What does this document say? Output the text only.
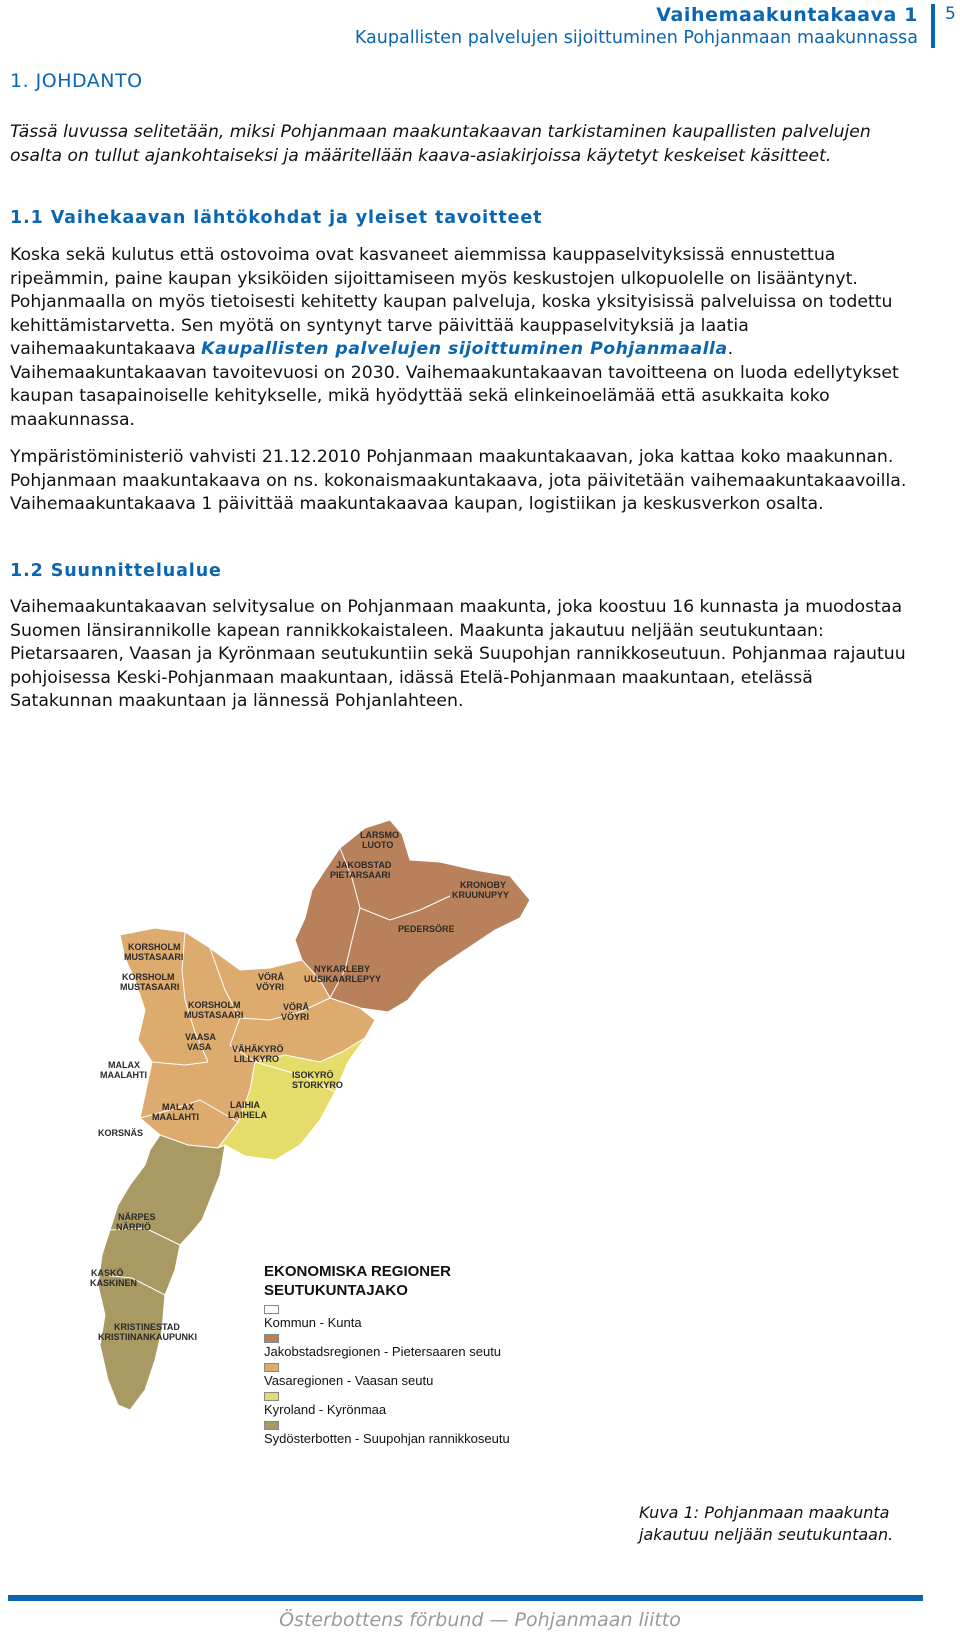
Vaihemaakuntakaava 1
Kaupallisten palvelujen sijoittuminen Pohjanmaan maakunnassa
5
1. JOHDANTO
Tässä luvussa selitetään, miksi Pohjanmaan maakuntakaavan tarkistaminen kaupallisten palvelujen osalta on tullut ajankohtaiseksi ja määritellään kaava-asiakirjoissa käytetyt keskeiset käsitteet.
1.1 Vaihekaavan lähtökohdat ja yleiset tavoitteet

Koska sekä kulutus että ostovoima ovat kasvaneet aiemmissa kauppaselvityksissä ennustettua ripeämmin, paine kaupan yksiköiden sijoittamiseen myös keskustojen ulkopuolelle on lisääntynyt. Pohjanmaalla on myös tietoisesti kehitetty kaupan palveluja, koska yksityisissä palveluissa on todettu kehittämistarvetta. Sen myötä on syntynyt tarve päivittää kauppaselvityksiä ja laatia vaihemaakuntakaava Kaupallisten palvelujen sijoittuminen Pohjanmaalla. Vaihemaakuntakaavan tavoitevuosi on 2030. Vaihemaakuntakaavan tavoitteena on luoda edellytykset kaupan tasapainoiselle kehitykselle, mikä hyödyttää sekä elinkeinoelämää että asukkaita koko maakunnassa.

Ympäristöministeriö vahvisti 21.12.2010 Pohjanmaan maakuntakaavan, joka kattaa koko maakunnan. Pohjanmaan maakuntakaava on ns. kokonaismaakuntakaava, jota päivitetään vaihemaakuntakaavoilla. Vaihemaakuntakaava 1 päivittää maakuntakaavaa kaupan, logistiikan ja keskusverkon osalta.
1.2 Suunnittelualue
Vaihemaakuntakaavan selvitysalue on Pohjanmaan maakunta, joka koostuu 16 kunnasta ja muodostaa Suomen länsirannikolle kapean rannikkokaistaleen. Maakunta jakautuu neljään seutukuntaan: Pietarsaaren, Vaasan ja Kyrönmaan seutukuntiin sekä Suupohjan rannikkoseutuun. Pohjanmaa rajautuu pohjoisessa Keski-Pohjanmaan maakuntaan, idässä Etelä-Pohjanmaan maakuntaan, etelässä Satakunnan maakuntaan ja lännessä Pohjanlahteen.
LARSMO LUOTO
JAKOBSTAD PIETARSAARI
KRONOBY KRUUNUPYY
PEDERSÖRE
NYKARLEBY UUSIKAARLEPYY
KORSHOLM MUSTASAARI
KORSHOLM MUSTASAARI
VÖRÅ VÖYRI
KORSHOLM MUSTASAARI
VÖRÅ VÖYRI
VAASA VASA	VÄHÄKYRÖ LILLKYRO
ISOKYRÖ STORKYRO
MALAX MAALAHTI
LAIHIA LAIHELA
MALAX MAALAHTI
KORSNÄS
NÄRPES NÄRPIÖ
KASKÖ KASKINEN
KRISTINESTAD KRISTIINANKAUPUNKI
EKONOMISKA REGIONER
SEUTUKUNTAJAKO
Kommun - Kunta
Jakobstadsregionen - Pietersaaren seutu
Vasaregionen - Vaasan seutu
Kyroland - Kyrönmaa
Sydösterbotten - Suupohjan rannikkoseutu
Kuva 1: Pohjanmaan maakunta
jakautuu neljään seutukuntaan.
Österbottens förbund — Pohjanmaan liitto
